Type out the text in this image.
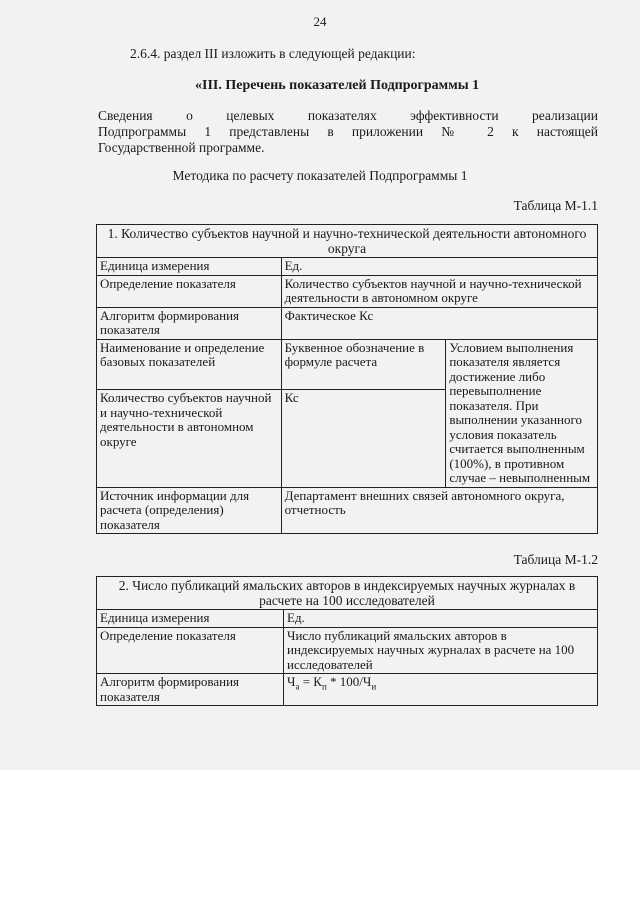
24
2.6.4. раздел III изложить в следующей редакции:
«III. Перечень показателей Подпрограммы 1
Сведения о целевых показателях эффективности реализации
Подпрограммы 1 представлены в приложении № 2 к настоящей
Государственной программе.
Методика по расчету показателей Подпрограммы 1
Таблица М-1.1
1. Количество субъектов научной и научно-технической деятельности автономного округа		
Единица измерения	Ед.	
Определение показателя	Количество субъектов научной и научно-технической деятельности в автономном округе	
Алгоритм формирования показателя	Фактическое Кс	
Наименование и определение базовых показателей	Буквенное обозначение в формуле расчета	Условием выполнения показателя является достижение либо перевыполнение показателя. При выполнении указанного условия показатель считается выполненным (100%), в противном случае – невыполненным
Количество субъектов научной и научно-технической деятельности в автономном округе	Кс	
Источник информации для расчета (определения) показателя	Департамент внешних связей автономного округа, отчетность	
Таблица М-1.2
2. Число публикаций ямальских авторов в индексируемых научных журналах в расчете на 100 исследователей	
Единица измерения	Ед.
Определение показателя	Число публикаций ямальских авторов в индексируемых научных журналах в расчете на 100 исследователей
Алгоритм формирования показателя	$Ч_а = К_п * 100/Ч_и$
